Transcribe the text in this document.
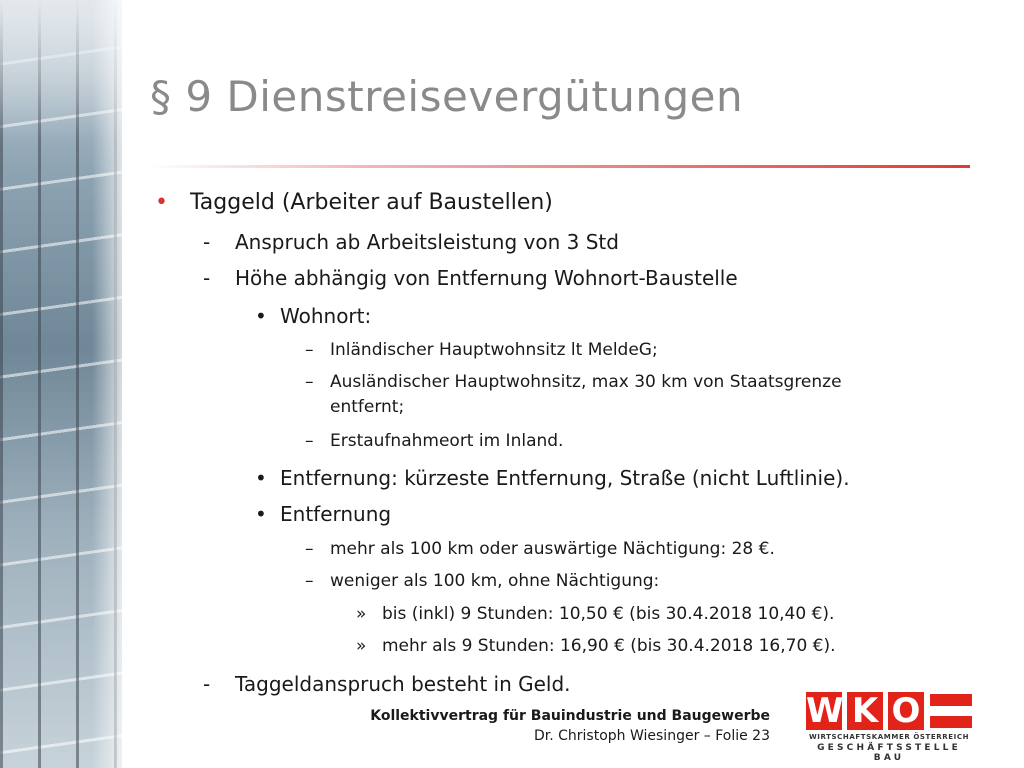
§ 9 Dienstreisevergütungen
• Taggeld (Arbeiter auf Baustellen)
- Anspruch ab Arbeitsleistung von 3 Std
- Höhe abhängig von Entfernung Wohnort-Baustelle
• Wohnort:
– Inländischer Hauptwohnsitz lt MeldeG;
– Ausländischer Hauptwohnsitz, max 30 km von Staatsgrenze
entfernt;
– Erstaufnahmeort im Inland.
• Entfernung: kürzeste Entfernung, Straße (nicht Luftlinie).
• Entfernung
– mehr als 100 km oder auswärtige Nächtigung: 28 €.
– weniger als 100 km, ohne Nächtigung:
» bis (inkl) 9 Stunden: 10,50 € (bis 30.4.2018 10,40 €).
» mehr als 9 Stunden: 16,90 € (bis 30.4.2018 16,70 €).
- Taggeldanspruch besteht in Geld.
Kollektivvertrag für Bauindustrie und Baugewerbe
Dr. Christoph Wiesinger – Folie 23
W K O
WIRTSCHAFTSKAMMER ÖSTERREICH
GESCHÄFTSSTELLE BAU
